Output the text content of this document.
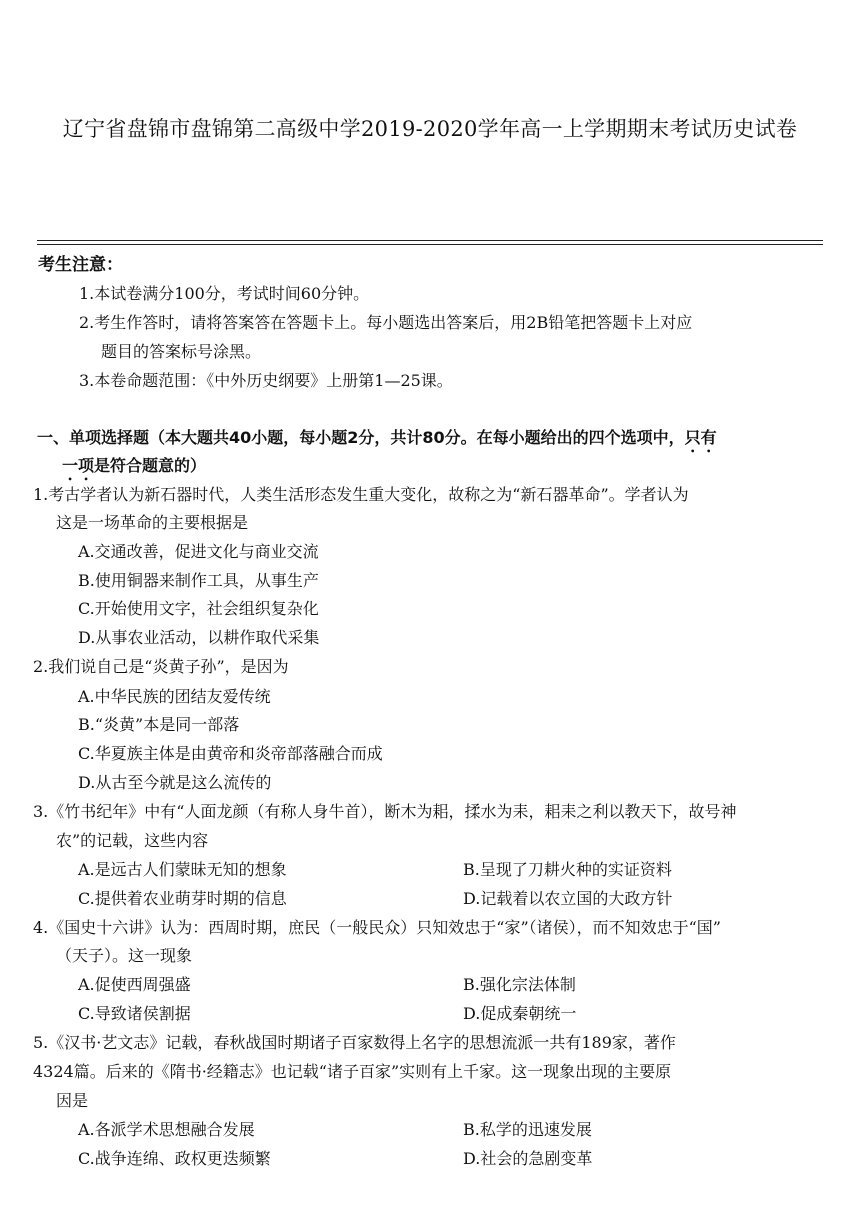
辽宁省盘锦市盘锦第二高级中学2019-2020学年高一上学期期末考试历史试卷
考生注意：
1.本试卷满分100分，考试时间60分钟。
2.考生作答时，请将答案答在答题卡上。每小题选出答案后，用2B铅笔把答题卡上对应
题目的答案标号涂黑。
3.本卷命题范围：《中外历史纲要》上册第1—25课。
一、单项选择题（本大题共40小题，每小题2分，共计80分。在每小题给出的四个选项中，只有
一项是符合题意的）
1.考古学者认为新石器时代，人类生活形态发生重大变化，故称之为“新石器革命”。学者认为
这是一场革命的主要根据是
A.交通改善，促进文化与商业交流
B.使用铜器来制作工具，从事生产
C.开始使用文字，社会组织复杂化
D.从事农业活动，以耕作取代采集
2.我们说自己是“炎黄子孙”，是因为
A.中华民族的团结友爱传统
B.“炎黄”本是同一部落
C.华夏族主体是由黄帝和炎帝部落融合而成
D.从古至今就是这么流传的
3.《竹书纪年》中有“人面龙颜（有称人身牛首），断木为耜，揉水为耒，耜耒之利以教天下，故号神
农”的记载，这些内容
A.是远古人们蒙昧无知的想象	B.呈现了刀耕火种的实证资料
C.提供着农业萌芽时期的信息	D.记载着以农立国的大政方针
4.《国史十六讲》认为：西周时期，庶民（一般民众）只知效忠于“家”（诸侯），而不知效忠于“国”
（天子）。这一现象
A.促使西周强盛	B.强化宗法体制
C.导致诸侯割据	D.促成秦朝统一
5.《汉书·艺文志》记载，春秋战国时期诸子百家数得上名字的思想流派一共有189家，著作
4324篇。后来的《隋书·经籍志》也记载“诸子百家”实则有上千家。这一现象出现的主要原
因是
A.各派学术思想融合发展	B.私学的迅速发展
C.战争连绵、政权更迭频繁	D.社会的急剧变革
